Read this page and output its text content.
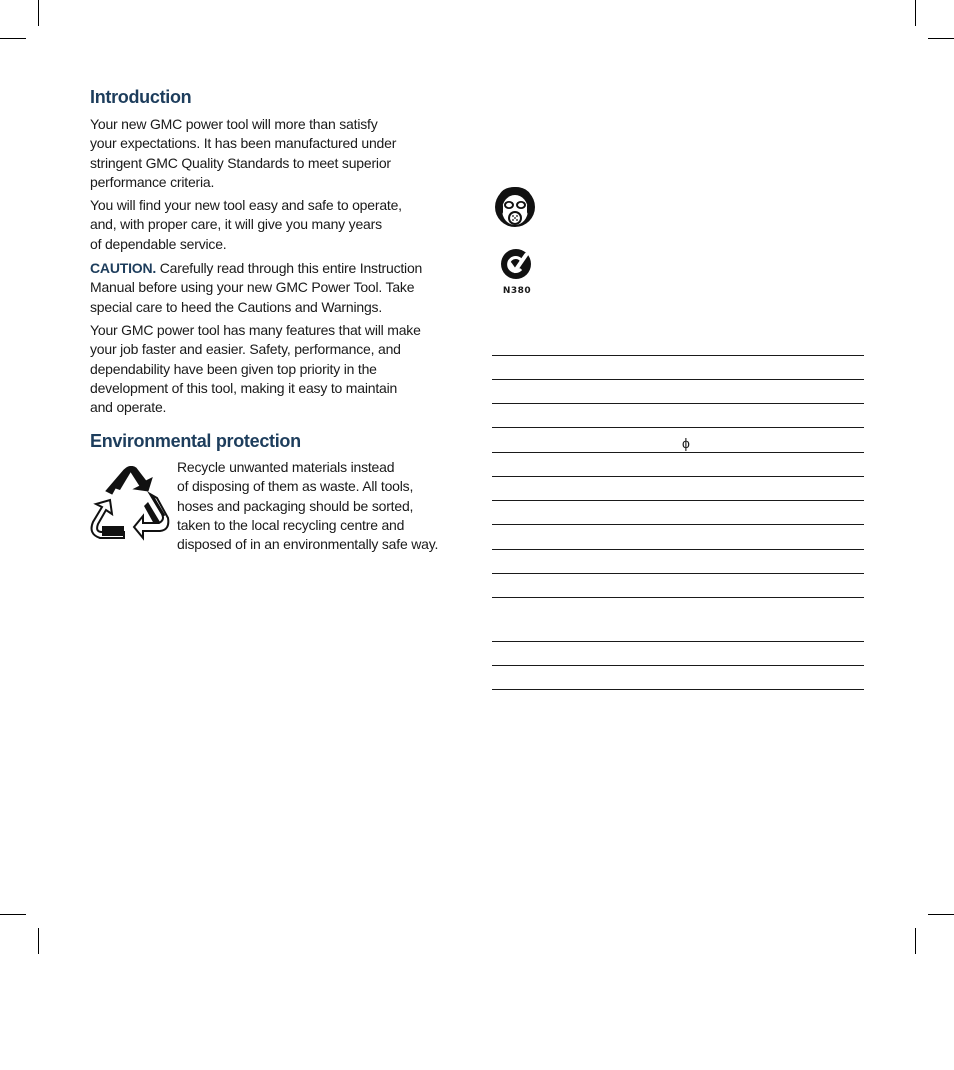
Introduction

Your new GMC power tool will more than satisfy
your expectations. It has been manufactured under
stringent GMC Quality Standards to meet superior
performance criteria.

You will find your new tool easy and safe to operate,
and, with proper care, it will give you many years
of dependable service.

CAUTION. Carefully read through this entire Instruction
Manual before using your new GMC Power Tool. Take
special care to heed the Cautions and Warnings.

Your GMC power tool has many features that will make
your job faster and easier. Safety, performance, and
dependability have been given top priority in the
development of this tool, making it easy to maintain
and operate.

Environmental protection
Recycle unwanted materials instead
of disposing of them as waste. All tools,
hoses and packaging should be sorted,
taken to the local recycling centre and
disposed of in an environmentally safe way.
N380
ϕ
